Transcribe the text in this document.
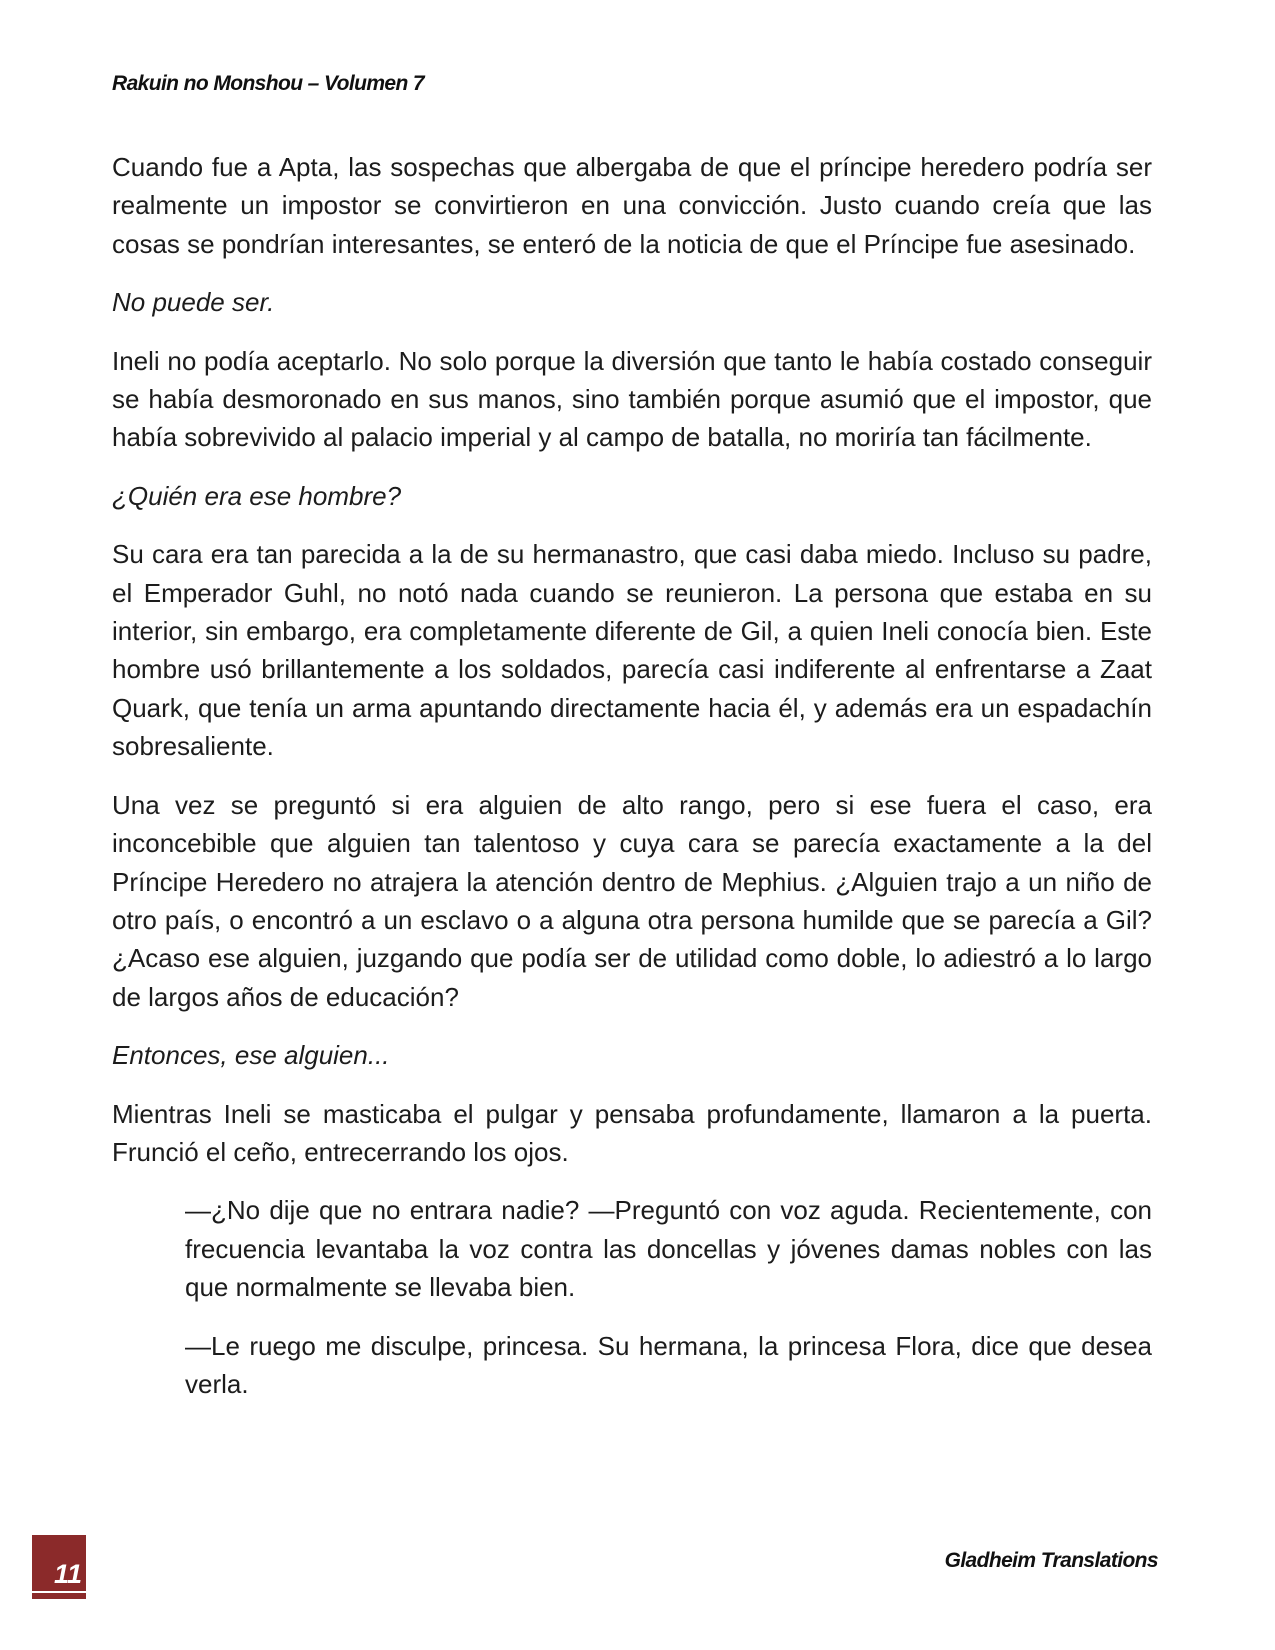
Rakuin no Monshou – Volumen 7

Cuando fue a Apta, las sospechas que albergaba de que el príncipe heredero podría ser realmente un impostor se convirtieron en una convicción. Justo cuando creía que las cosas se pondrían interesantes, se enteró de la noticia de que el Príncipe fue asesinado.

No puede ser.

Ineli no podía aceptarlo. No solo porque la diversión que tanto le había costado conseguir se había desmoronado en sus manos, sino también porque asumió que el impostor, que había sobrevivido al palacio imperial y al campo de batalla, no moriría tan fácilmente.

¿Quién era ese hombre?

Su cara era tan parecida a la de su hermanastro, que casi daba miedo. Incluso su padre, el Emperador Guhl, no notó nada cuando se reunieron. La persona que estaba en su interior, sin embargo, era completamente diferente de Gil, a quien Ineli conocía bien. Este hombre usó brillantemente a los soldados, parecía casi indiferente al enfrentarse a Zaat Quark, que tenía un arma apuntando directamente hacia él, y además era un espadachín sobresaliente.

Una vez se preguntó si era alguien de alto rango, pero si ese fuera el caso, era inconcebible que alguien tan talentoso y cuya cara se parecía exactamente a la del Príncipe Heredero no atrajera la atención dentro de Mephius. ¿Alguien trajo a un niño de otro país, o encontró a un esclavo o a alguna otra persona humilde que se parecía a Gil? ¿Acaso ese alguien, juzgando que podía ser de utilidad como doble, lo adiestró a lo largo de largos años de educación?

Entonces, ese alguien...

Mientras Ineli se masticaba el pulgar y pensaba profundamente, llamaron a la puerta. Frunció el ceño, entrecerrando los ojos.

—¿No dije que no entrara nadie? —Preguntó con voz aguda. Recientemente, con frecuencia levantaba la voz contra las doncellas y jóvenes damas nobles con las que normalmente se llevaba bien.

—Le ruego me disculpe, princesa. Su hermana, la princesa Flora, dice que desea verla.

11	Gladheim Translations
